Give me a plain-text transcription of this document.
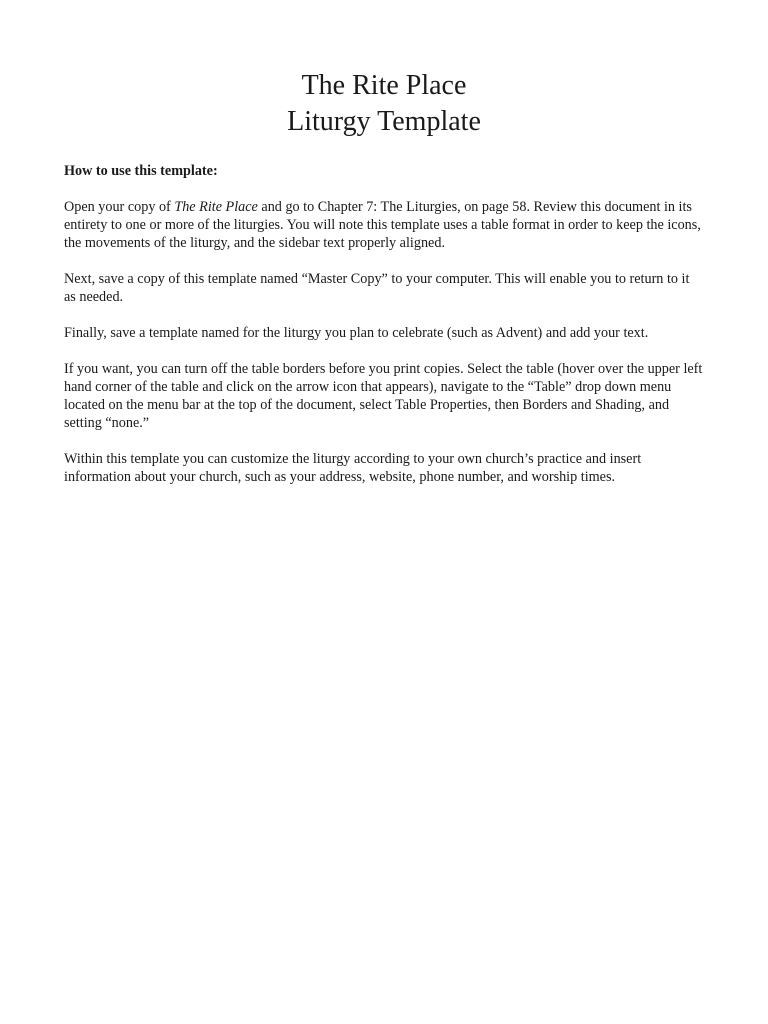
The Rite Place
Liturgy Template

How to use this template:

Open your copy of The Rite Place and go to Chapter 7: The Liturgies, on page 58. Review this document in its entirety to one or more of the liturgies. You will note this template uses a table format in order to keep the icons, the movements of the liturgy, and the sidebar text properly aligned.

Next, save a copy of this template named “Master Copy” to your computer. This will enable you to return to it as needed.

Finally, save a template named for the liturgy you plan to celebrate (such as Advent) and add your text.

If you want, you can turn off the table borders before you print copies. Select the table (hover over the upper left hand corner of the table and click on the arrow icon that appears), navigate to the “Table” drop down menu located on the menu bar at the top of the document, select Table Properties, then Borders and Shading, and setting “none.”

Within this template you can customize the liturgy according to your own church’s practice and insert information about your church, such as your address, website, phone number, and worship times.
